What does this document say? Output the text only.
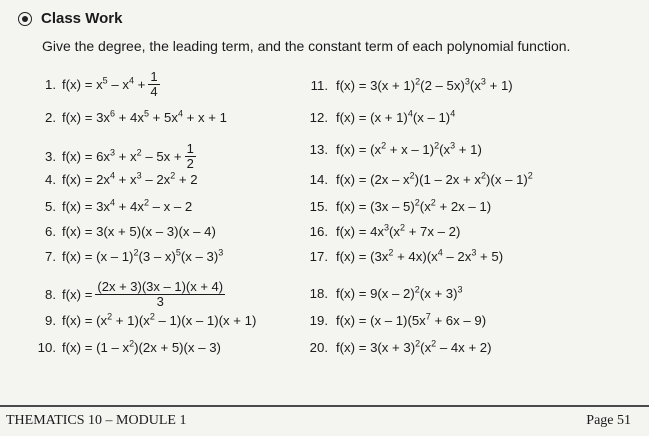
Class Work
Give the degree, the leading term, and the constant term of each polynomial function.
1. $f(x) = x^5 - x^4 + \frac{1}{4}$
2. $f(x) = 3x^6 + 4x^5 + 5x^4 + x + 1$
3. $f(x) = 6x^3 + x^2 - 5x + \frac{1}{2}$
4. $f(x) = 2x^4 + x^3 - 2x^2 + 2$
5. $f(x) = 3x^4 + 4x^2 - x - 2$
6. f(x) = 3(x + 5)(x – 3)(x – 4)
7. f(x) = (x – 1)$^2$(3 – x)$^5$(x – 3)$^3$
8. $f(x) = \frac{(2x + 3)(3x - 1)(x + 4)}{3}$
9. $f(x) = (x^2 + 1)(x^2 - 1)(x - 1)(x + 1)$
10. $f(x) = (1 - x^2)(2x + 5)(x - 3)$
11. $f(x) = 3(x + 1)^2(2 - 5x)^3(x^3 + 1)$
12. $f(x) = (x + 1)^4(x - 1)^4$
13. $f(x) = (x^2 + x - 1)^2(x^3 + 1)$
14. $f(x) = (2x - x^2)(1 - 2x + x^2)(x - 1)^2$
15. $f(x) = (3x - 5)^2(x^2 + 2x - 1)$
16. $f(x) = 4x^3(x^2 + 7x - 2)$
17. $f(x) = (3x^2 + 4x)(x^4 - 2x^3 + 5)$
18. $f(x) = 9(x - 2)^2(x + 3)^3$
19. $f(x) = (x - 1)(5x^7 + 6x - 9)$
20. $f(x) = 3(x + 3)^2(x^2 - 4x + 2)$
THEMATICS 10 – MODULE 1	Page 51
